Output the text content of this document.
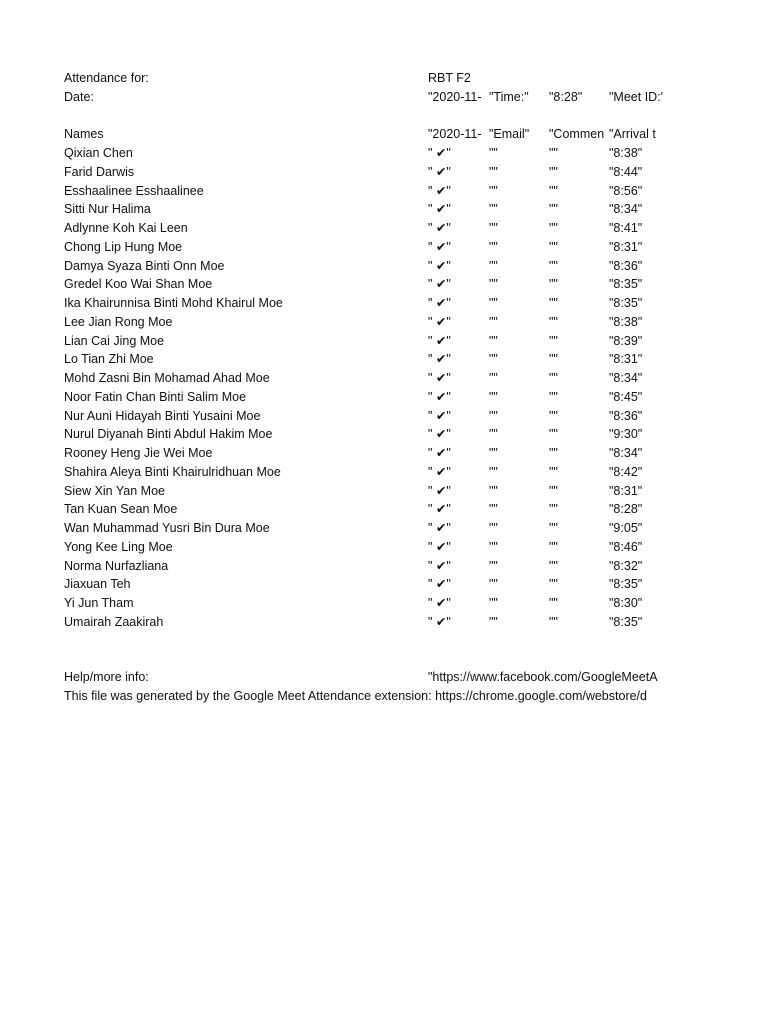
Attendance for:	RBT F2
Date:	"2020-11- "Time:"	"8:28"	"Meet ID:'
Names	"2020-11- "Email"	"Commen "Arrival t
Qixian Chen	" ✔"	""	""	"8:38"
Farid Darwis	" ✔"	""	""	"8:44"
Esshaalinee Esshaalinee	" ✔"	""	""	"8:56"
Sitti Nur Halima	" ✔"	""	""	"8:34"
Adlynne Koh Kai Leen	" ✔"	""	""	"8:41"
Chong Lip Hung Moe	" ✔"	""	""	"8:31"
Damya Syaza Binti Onn Moe	" ✔"	""	""	"8:36"
Gredel Koo Wai Shan Moe	" ✔"	""	""	"8:35"
Ika Khairunnisa Binti Mohd Khairul Moe	" ✔"	""	""	"8:35"
Lee Jian Rong Moe	" ✔"	""	""	"8:38"
Lian Cai Jing Moe	" ✔"	""	""	"8:39"
Lo Tian Zhi Moe	" ✔"	""	""	"8:31"
Mohd Zasni Bin Mohamad Ahad Moe	" ✔"	""	""	"8:34"
Noor Fatin Chan Binti Salim Moe	" ✔"	""	""	"8:45"
Nur Auni Hidayah Binti Yusaini Moe	" ✔"	""	""	"8:36"
Nurul Diyanah Binti Abdul Hakim Moe	" ✔"	""	""	"9:30"
Rooney Heng Jie Wei Moe	" ✔"	""	""	"8:34"
Shahira Aleya Binti Khairulridhuan Moe	" ✔"	""	""	"8:42"
Siew Xin Yan Moe	" ✔"	""	""	"8:31"
Tan Kuan Sean Moe	" ✔"	""	""	"8:28"
Wan Muhammad Yusri Bin Dura Moe	" ✔"	""	""	"9:05"
Yong Kee Ling Moe	" ✔"	""	""	"8:46"
Norma Nurfazliana	" ✔"	""	""	"8:32"
Jiaxuan Teh	" ✔"	""	""	"8:35"
Yi Jun Tham	" ✔"	""	""	"8:30"
Umairah Zaakirah	" ✔"	""	""	"8:35"
Help/more info:	"https://www.facebook.com/GoogleMeetA
This file was generated by the Google Meet Attendance extension: https://chrome.google.com/webstore/d
